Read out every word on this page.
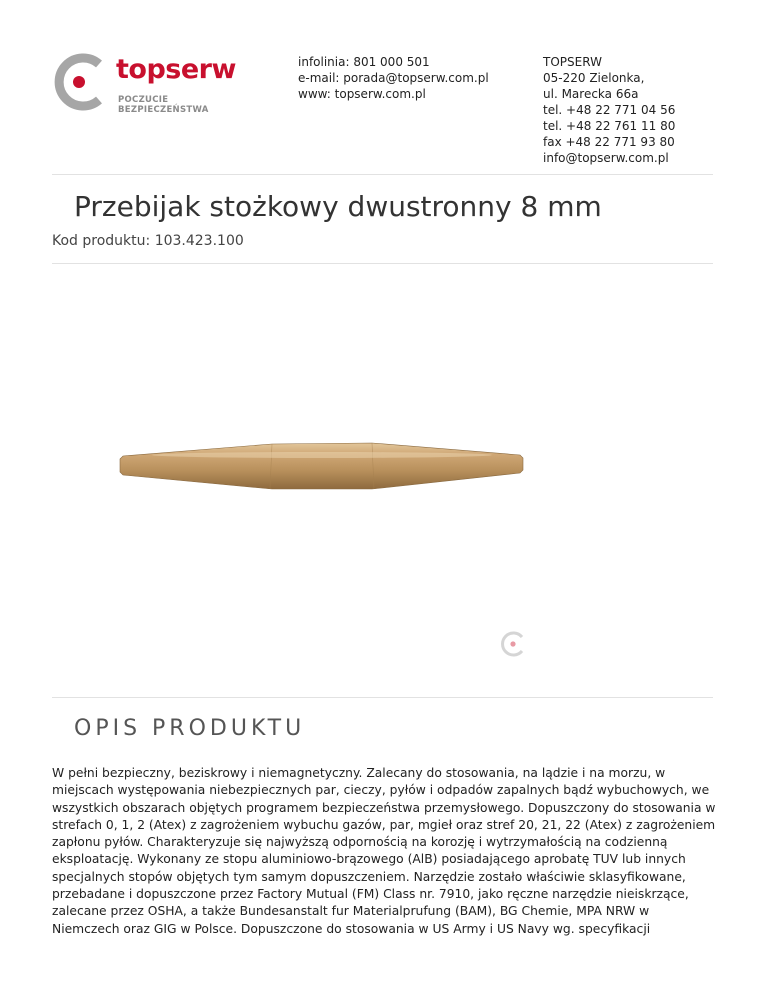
topserw
POCZUCIE BEZPIECZEŃSTWA
infolinia: 801 000 501
e-mail: porada@topserw.com.pl
www: topserw.com.pl
TOPSERW
05-220 Zielonka,
ul. Marecka 66a
tel. +48 22 771 04 56
tel. +48 22 761 11 80
fax +48 22 771 93 80
info@topserw.com.pl
Przebijak stożkowy dwustronny 8 mm
Kod produktu: 103.423.100
OPIS PRODUKTU

W pełni bezpieczny, beziskrowy i niemagnetyczny. Zalecany do stosowania, na lądzie i na morzu, w miejscach występowania niebezpiecznych par, cieczy, pyłów i odpadów zapalnych bądź wybuchowych, we wszystkich obszarach objętych programem bezpieczeństwa przemysłowego. Dopuszczony do stosowania w strefach 0, 1, 2 (Atex) z zagrożeniem wybuchu gazów, par, mgieł oraz stref 20, 21, 22 (Atex) z zagrożeniem zapłonu pyłów. Charakteryzuje się najwyższą odpornością na korozję i wytrzymałością na codzienną eksploatację. Wykonany ze stopu aluminiowo-brązowego (AlB) posiadającego aprobatę TUV lub innych specjalnych stopów objętych tym samym dopuszczeniem. Narzędzie zostało właściwie sklasyfikowane, przebadane i dopuszczone przez Factory Mutual (FM) Class nr. 7910, jako ręczne narzędzie nieiskrzące, zalecane przez OSHA, a także Bundesanstalt fur Materialprufung (BAM), BG Chemie, MPA NRW w Niemczech oraz GIG w Polsce. Dopuszczone do stosowania w US Army i US Navy wg. specyfikacji
